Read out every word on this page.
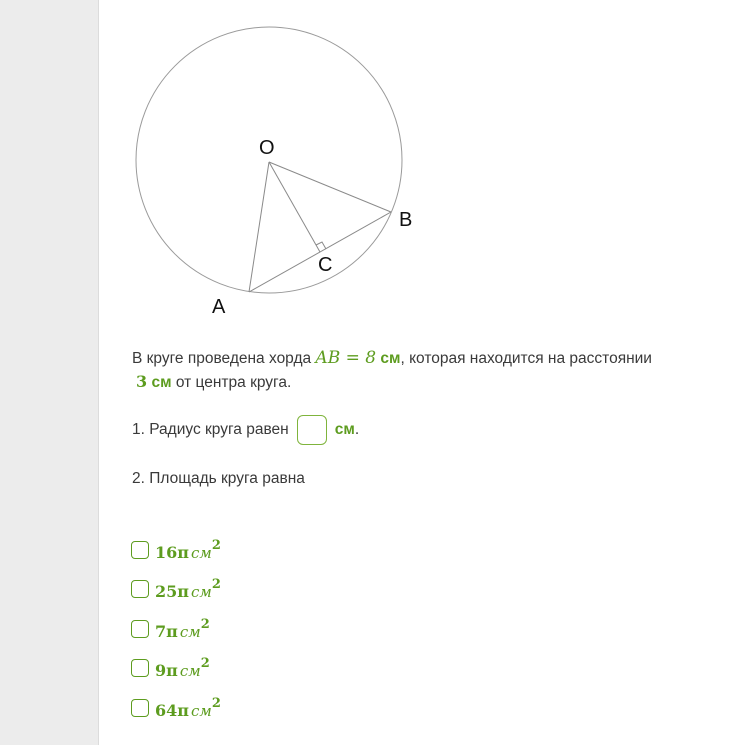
O
B
C
A
В круге проведена хорда AB = 8 см, которая находится на расстоянии
3 см от центра круга.
1. Радиус круга равен	см .
2. Площадь круга равна
16π $см^2$
25π $см^2$
7π $см^2$
9π $см^2$
64π $см^2$
